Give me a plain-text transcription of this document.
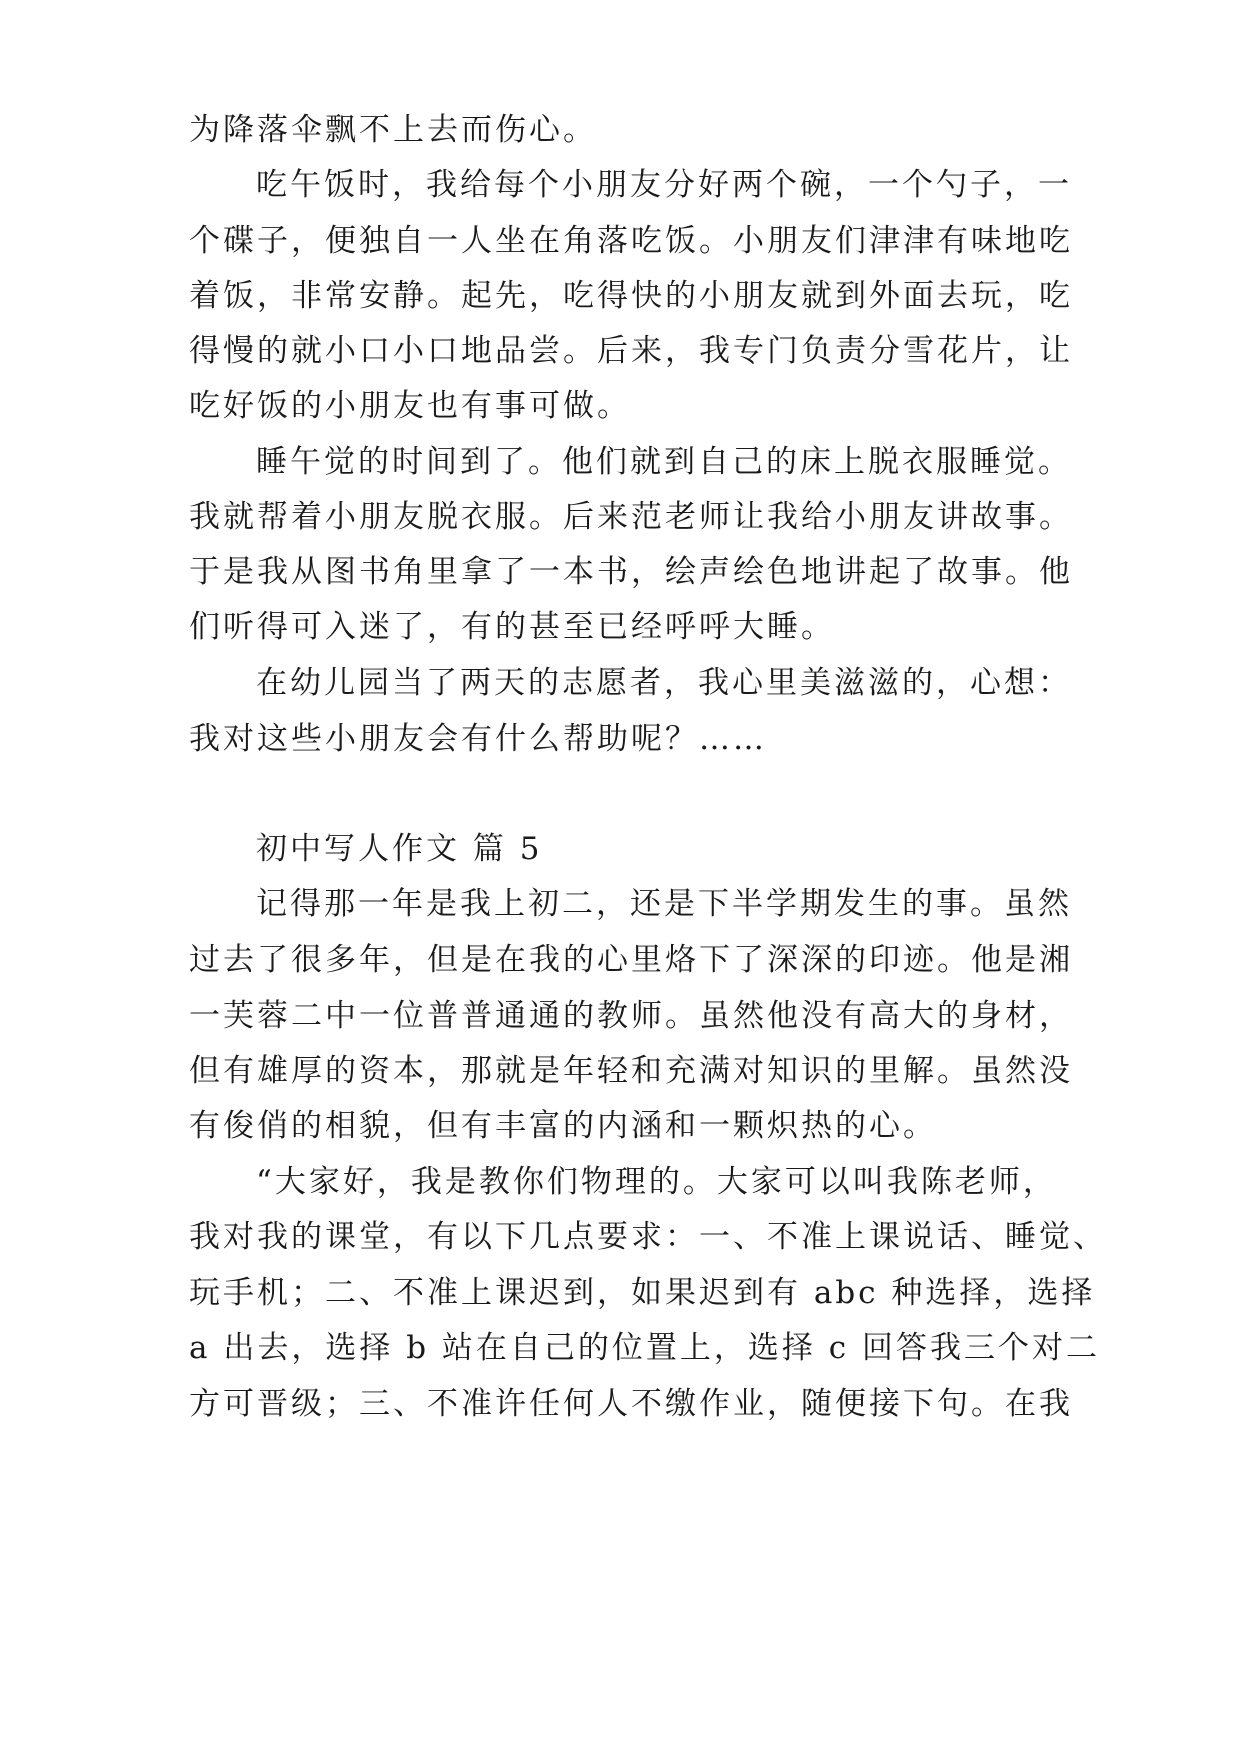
为降落伞飘不上去而伤心。
吃午饭时，我给每个小朋友分好两个碗，一个勺子，一
个碟子，便独自一人坐在角落吃饭。小朋友们津津有味地吃
着饭，非常安静。起先，吃得快的小朋友就到外面去玩，吃
得慢的就小口小口地品尝。后来，我专门负责分雪花片，让
吃好饭的小朋友也有事可做。
睡午觉的时间到了。他们就到自己的床上脱衣服睡觉。
我就帮着小朋友脱衣服。后来范老师让我给小朋友讲故事。
于是我从图书角里拿了一本书，绘声绘色地讲起了故事。他
们听得可入迷了，有的甚至已经呼呼大睡。
在幼儿园当了两天的志愿者，我心里美滋滋的，心想：
我对这些小朋友会有什么帮助呢？……
初中写人作文 篇 5
记得那一年是我上初二，还是下半学期发生的事。虽然
过去了很多年，但是在我的心里烙下了深深的印迹。他是湘
一芙蓉二中一位普普通通的教师。虽然他没有高大的身材，
但有雄厚的资本，那就是年轻和充满对知识的里解。虽然没
有俊俏的相貌，但有丰富的内涵和一颗炽热的心。
“大家好，我是教你们物理的。大家可以叫我陈老师，
我对我的课堂，有以下几点要求：一、不准上课说话、睡觉、
玩手机；二、不准上课迟到，如果迟到有 abc 种选择，选择
a 出去，选择 b 站在自己的位置上，选择 c 回答我三个对二
方可晋级；三、不准许任何人不缴作业，随便接下句。在我
